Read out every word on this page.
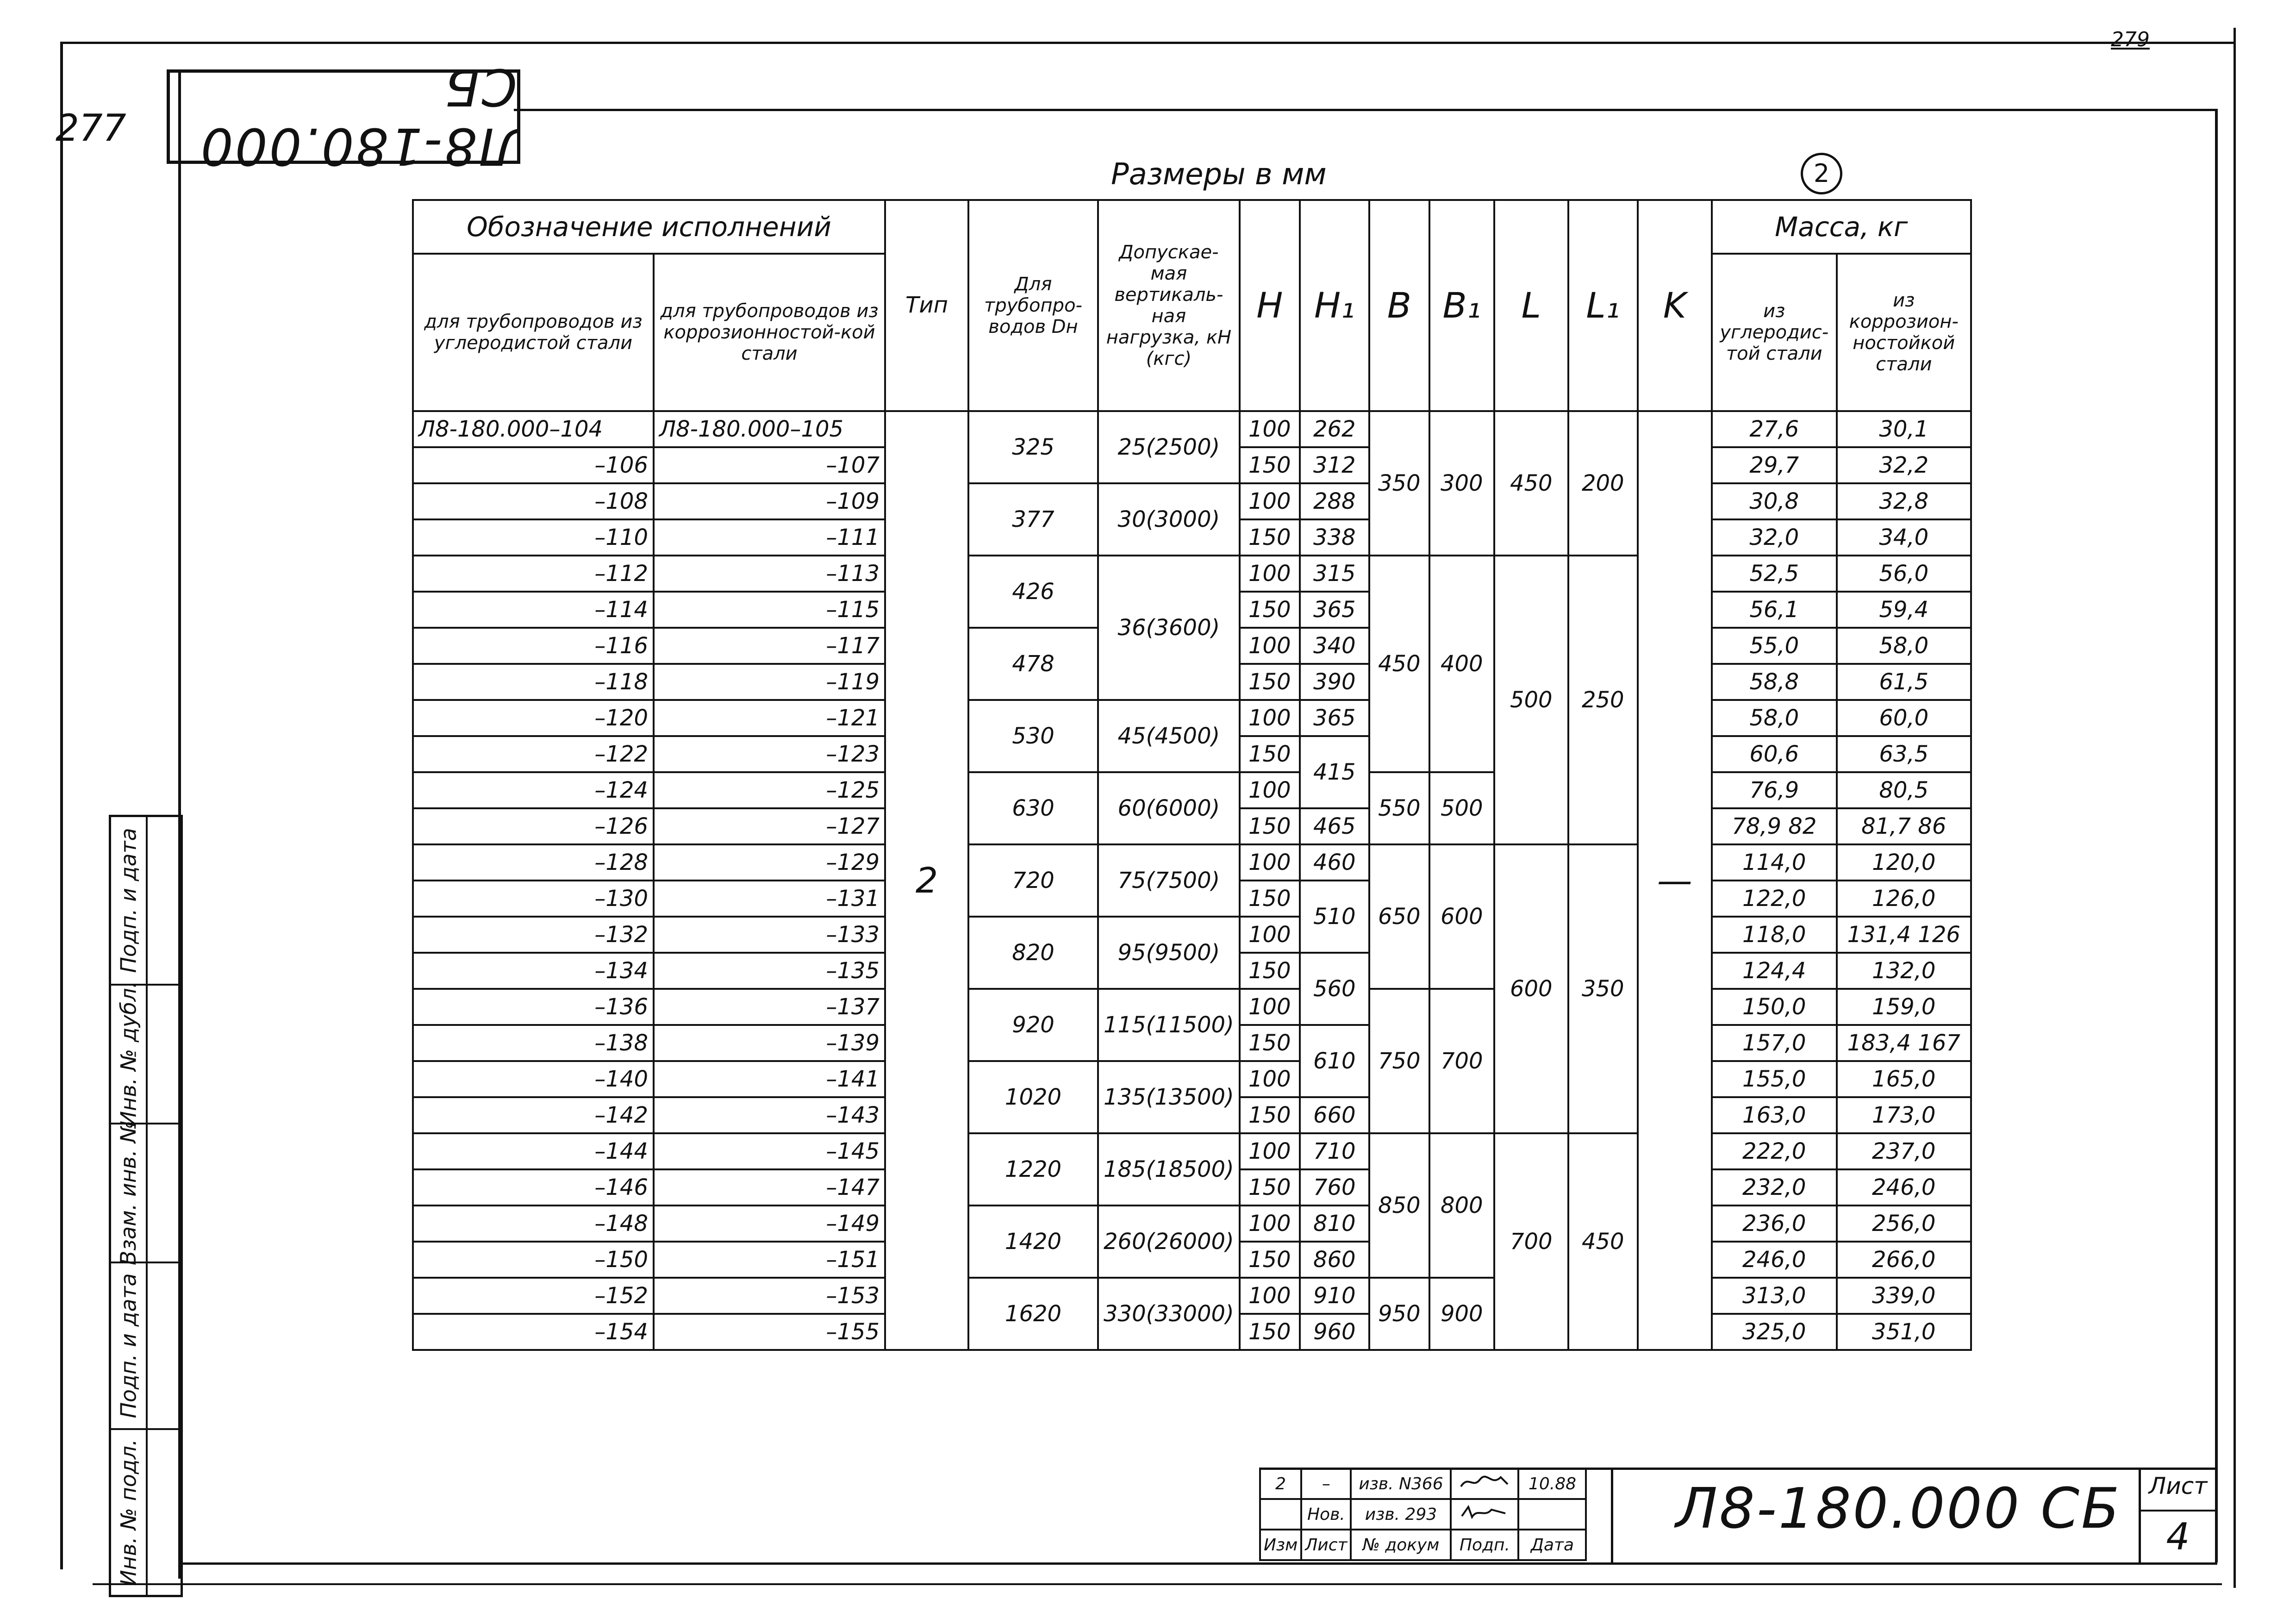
279
277	Л8-180.000 СБ
Размеры в мм	2
Обозначение исполнений		Тип	Для трубопро-водов Dн	Допускае-мая вертикаль-ная нагрузка, кН (кгс)	H	H₁	B	B₁	L	L₁	K	Масса, кг	
для трубопроводов из углеродистой стали	для трубопроводов из коррозионностой-кой стали											из углеродис-той стали	из коррозион-ностойкой стали
Л8-180.000–104	Л8-180.000–105	2	325	25(2500)	100	262	350	300	450	200	—	27,6	30,1
–106	–107				150	312						29,7	32,2
–108	–109		377	30(3000)	100	288						30,8	32,8
–110	–111				150	338						32,0	34,0
–112	–113		426	36(3600)	100	315	450	400	500	250		52,5	56,0
–114	–115				150	365						56,1	59,4
–116	–117		478		100	340						55,0	58,0
–118	–119				150	390						58,8	61,5
–120	–121		530	45(4500)	100	365						58,0	60,0
–122	–123				150	415						60,6	63,5
–124	–125		630	60(6000)	100		550	500				76,9	80,5
–126	–127				150	465						78,9 82	81,7 86
–128	–129		720	75(7500)	100	460	650	600	600	350		114,0	120,0
–130	–131				150	510						122,0	126,0
–132	–133		820	95(9500)	100							118,0	131,4 126
–134	–135				150	560						124,4	132,0
–136	–137		920	115(11500)	100		750	700				150,0	159,0
–138	–139				150	610						157,0	183,4 167
–140	–141		1020	135(13500)	100							155,0	165,0
–142	–143				150	660						163,0	173,0
–144	–145		1220	185(18500)	100	710	850	800	700	450		222,0	237,0
–146	–147				150	760						232,0	246,0
–148	–149		1420	260(26000)	100	810						236,0	256,0
–150	–151				150	860						246,0	266,0
–152	–153		1620	330(33000)	100	910	950	900				313,0	339,0
–154	–155				150	960						325,0	351,0
Подп. и дата
Инв. № дубл.
Взам. инв. №
Подп. и дата
Инв. № подл.	2	–	изв. N366		10.88
	Нов.	изв. 293		
Изм	Лист	№ докум	Подп.	Дата
Л8-180.000 СБ	Лист
4
